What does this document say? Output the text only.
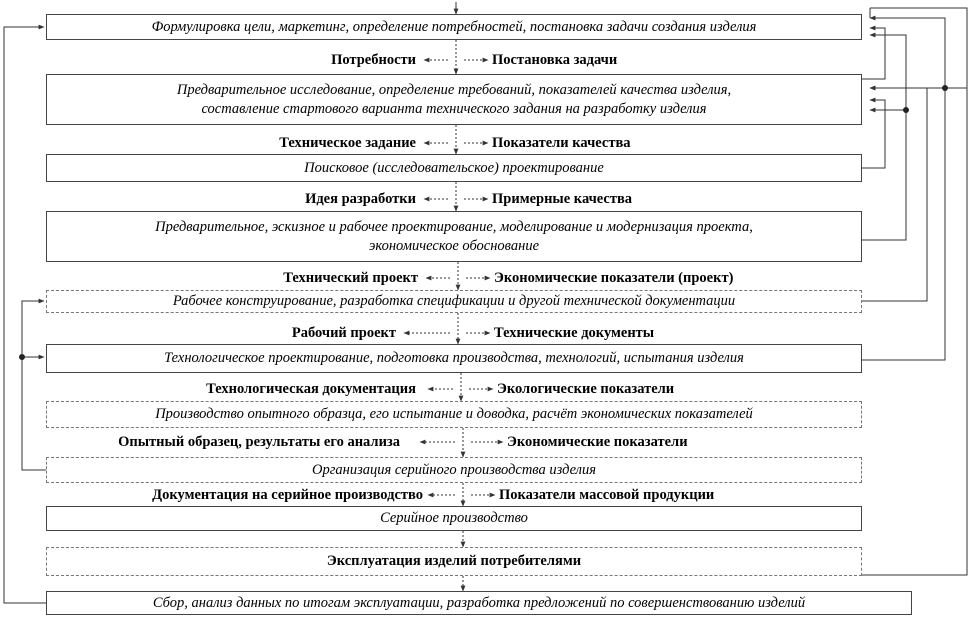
Формулировка цели, маркетинг, определение потребностей, постановка задачи создания изделия
Предварительное исследование, определение требований, показателей качества изделия,
составление стартового варианта технического задания на разработку изделия
Поисковое (исследовательское) проектирование
Предварительное, эскизное и рабочее проектирование, моделирование и модернизация проекта,
экономическое обоснование
Рабочее конструирование, разработка спецификации и другой технической документации
Технологическое проектирование, подготовка производства, технологий, испытания изделия
Производство опытного образца, его испытание и доводка, расчёт экономических показателей
Организация серийного производства изделия
Серийное производство
Эксплуатация изделий потребителями
Сбор, анализ данных по итогам эксплуатации, разработка предложений по совершенствованию изделий
Потребности	Постановка задачи
Техническое задание	Показатели качества
Идея разработки	Примерные качества
Технический проект	Экономические показатели (проект)
Рабочий проект	Технические документы
Технологическая документация	Экологические показатели
Опытный образец, результаты его анализа	Экономические показатели
Документация на серийное производство	Показатели массовой продукции
